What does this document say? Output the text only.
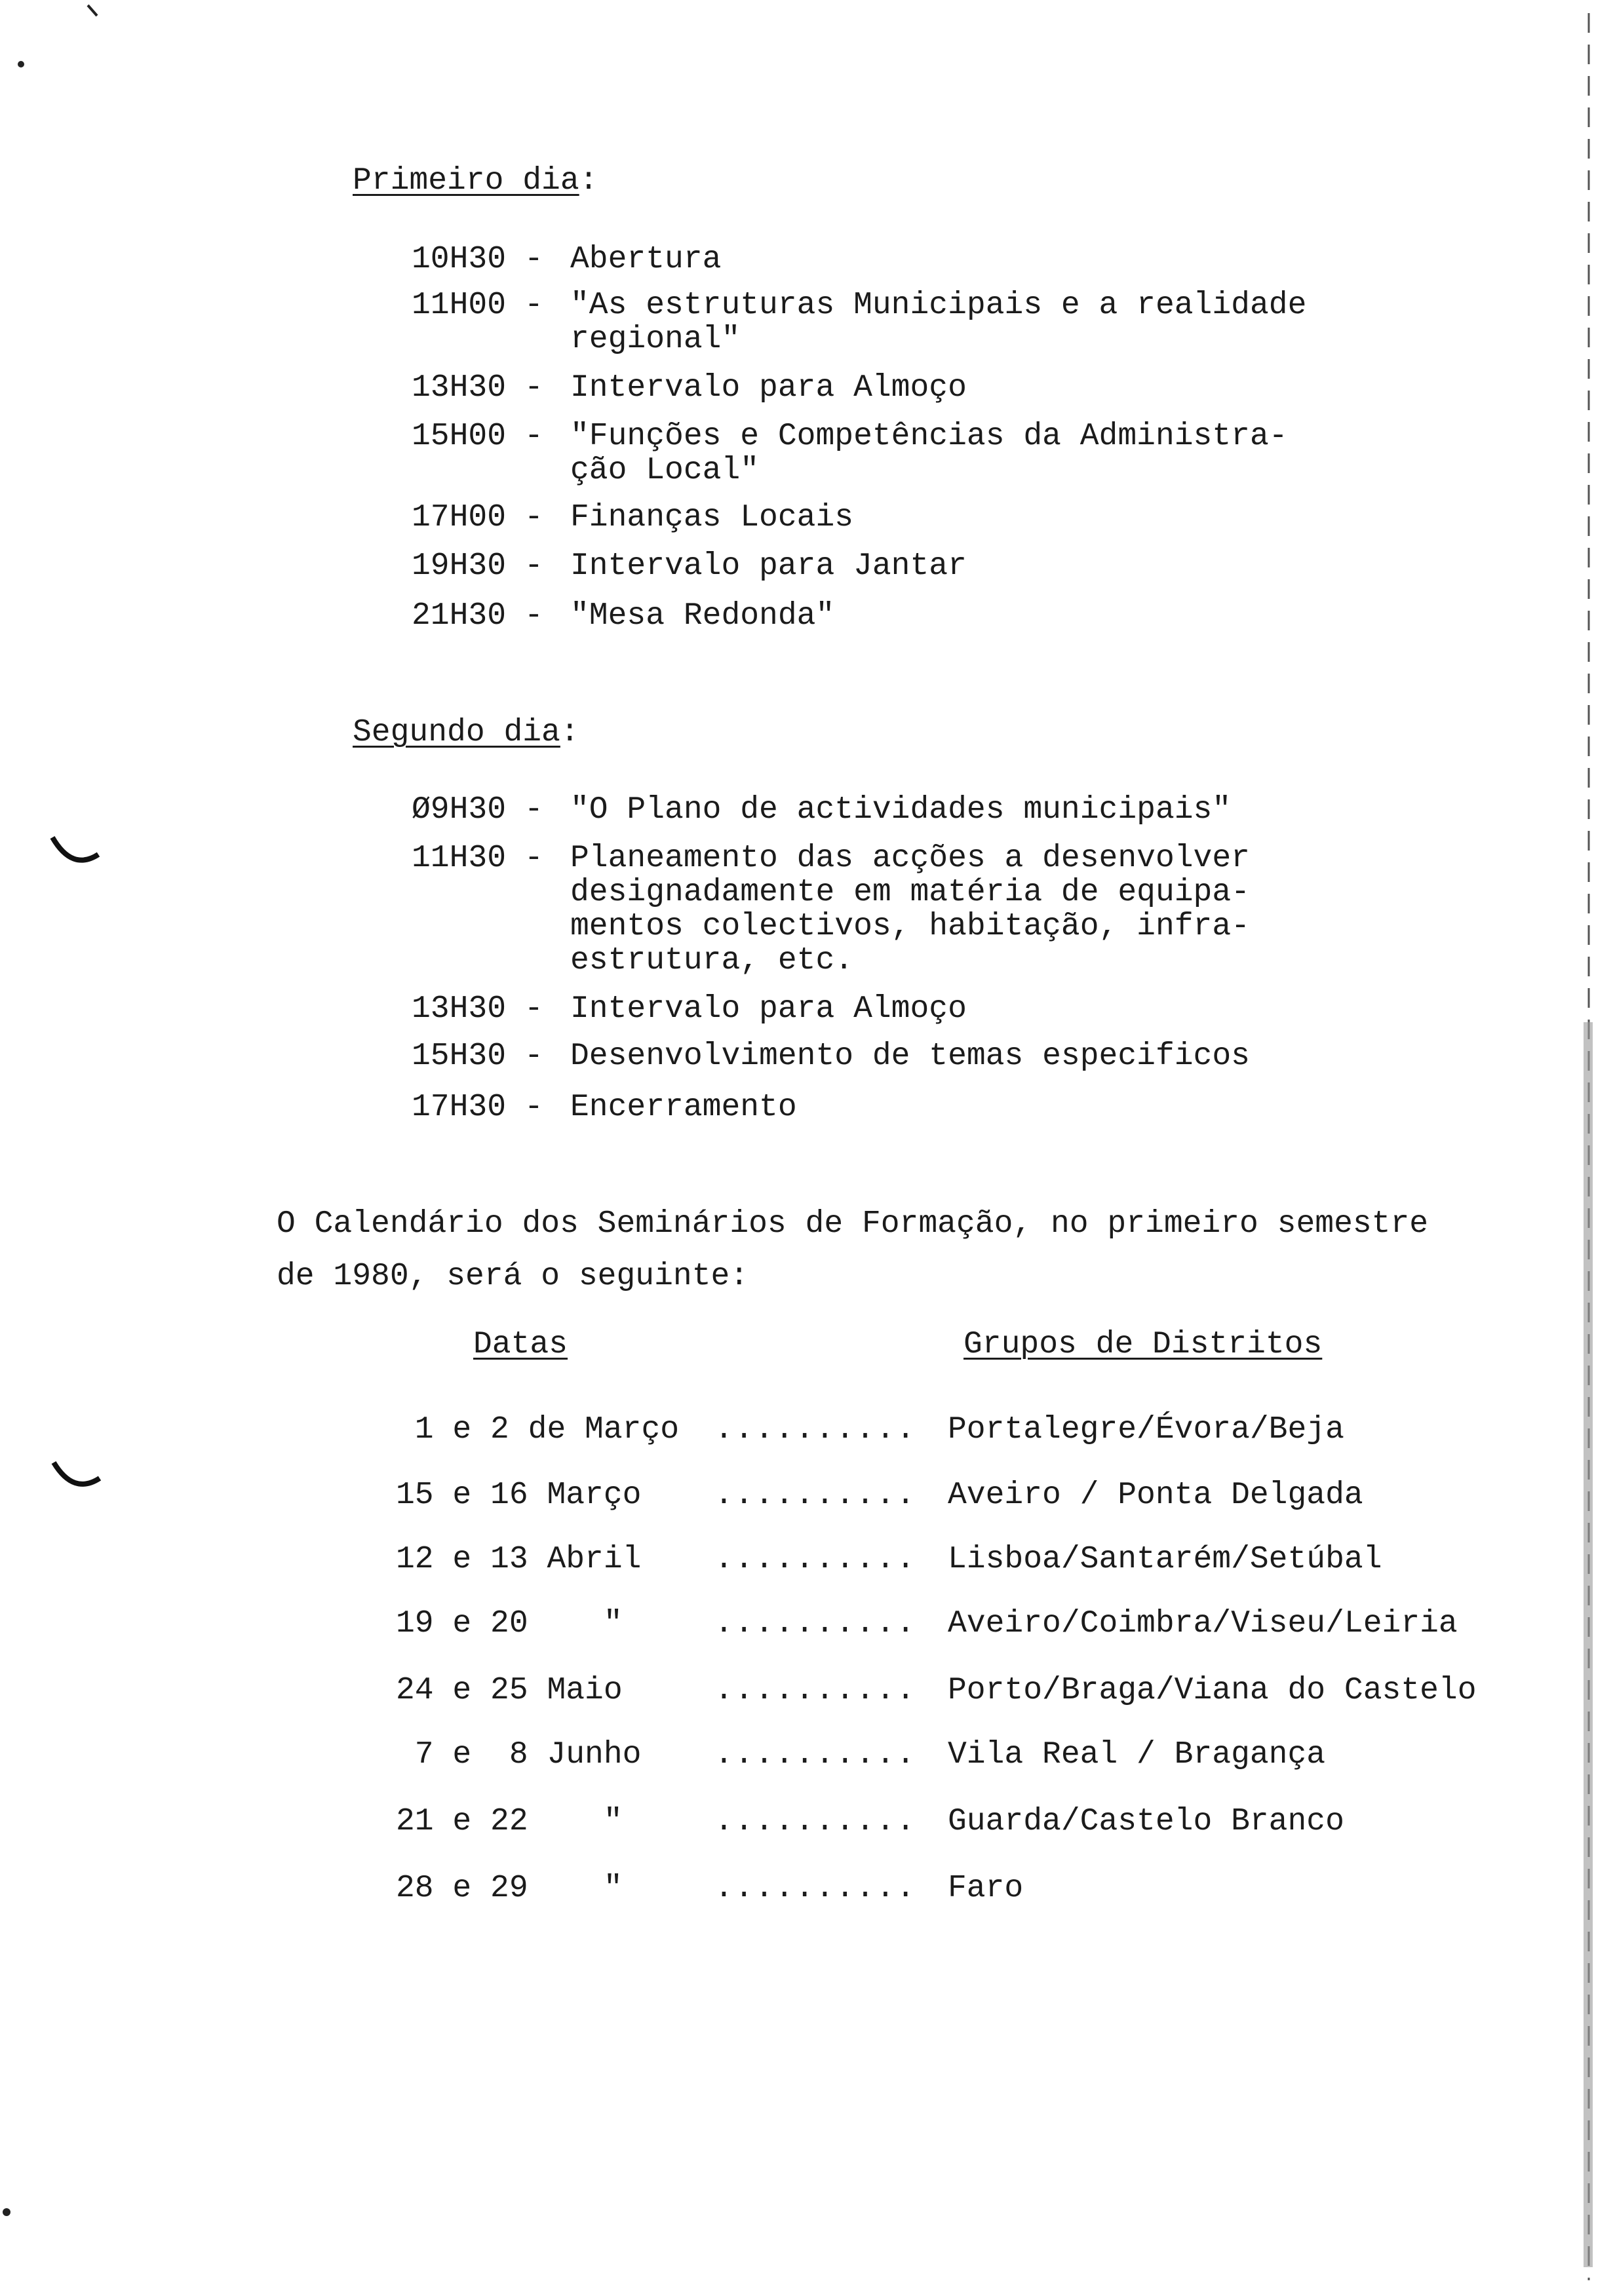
Primeiro dia:
10H30 - Abertura
11H00 - "As estruturas Municipais e a realidade
regional"
13H30 - Intervalo para Almoço
15H00 - "Funções e Competências da Administra-
ção Local"
17H00 - Finanças Locais
19H30 - Intervalo para Jantar
21H30 - "Mesa Redonda"
Segundo dia:
Ø9H30 - "O Plano de actividades municipais"
11H30 - Planeamento das acções a desenvolver
designadamente em matéria de equipa-
mentos colectivos, habitação, infra-
estrutura, etc.
13H30 - Intervalo para Almoço
15H30 - Desenvolvimento de temas especificos
17H30 - Encerramento

O Calendário dos Seminários de Formação, no primeiro semestre
de 1980, será o seguinte:

Datas	Grupos de Distritos
1 e 2 de Março	.......... Portalegre/Évora/Beja
15 e 16 Março	.......... Aveiro / Ponta Delgada
12 e 13 Abril	.......... Lisboa/Santarém/Setúbal
19 e 20    "	.......... Aveiro/Coimbra/Viseu/Leiria
24 e 25 Maio	.......... Porto/Braga/Viana do Castelo
7 e  8 Junho	.......... Vila Real / Bragança
21 e 22    "	.......... Guarda/Castelo Branco
28 e 29    "	.......... Faro
